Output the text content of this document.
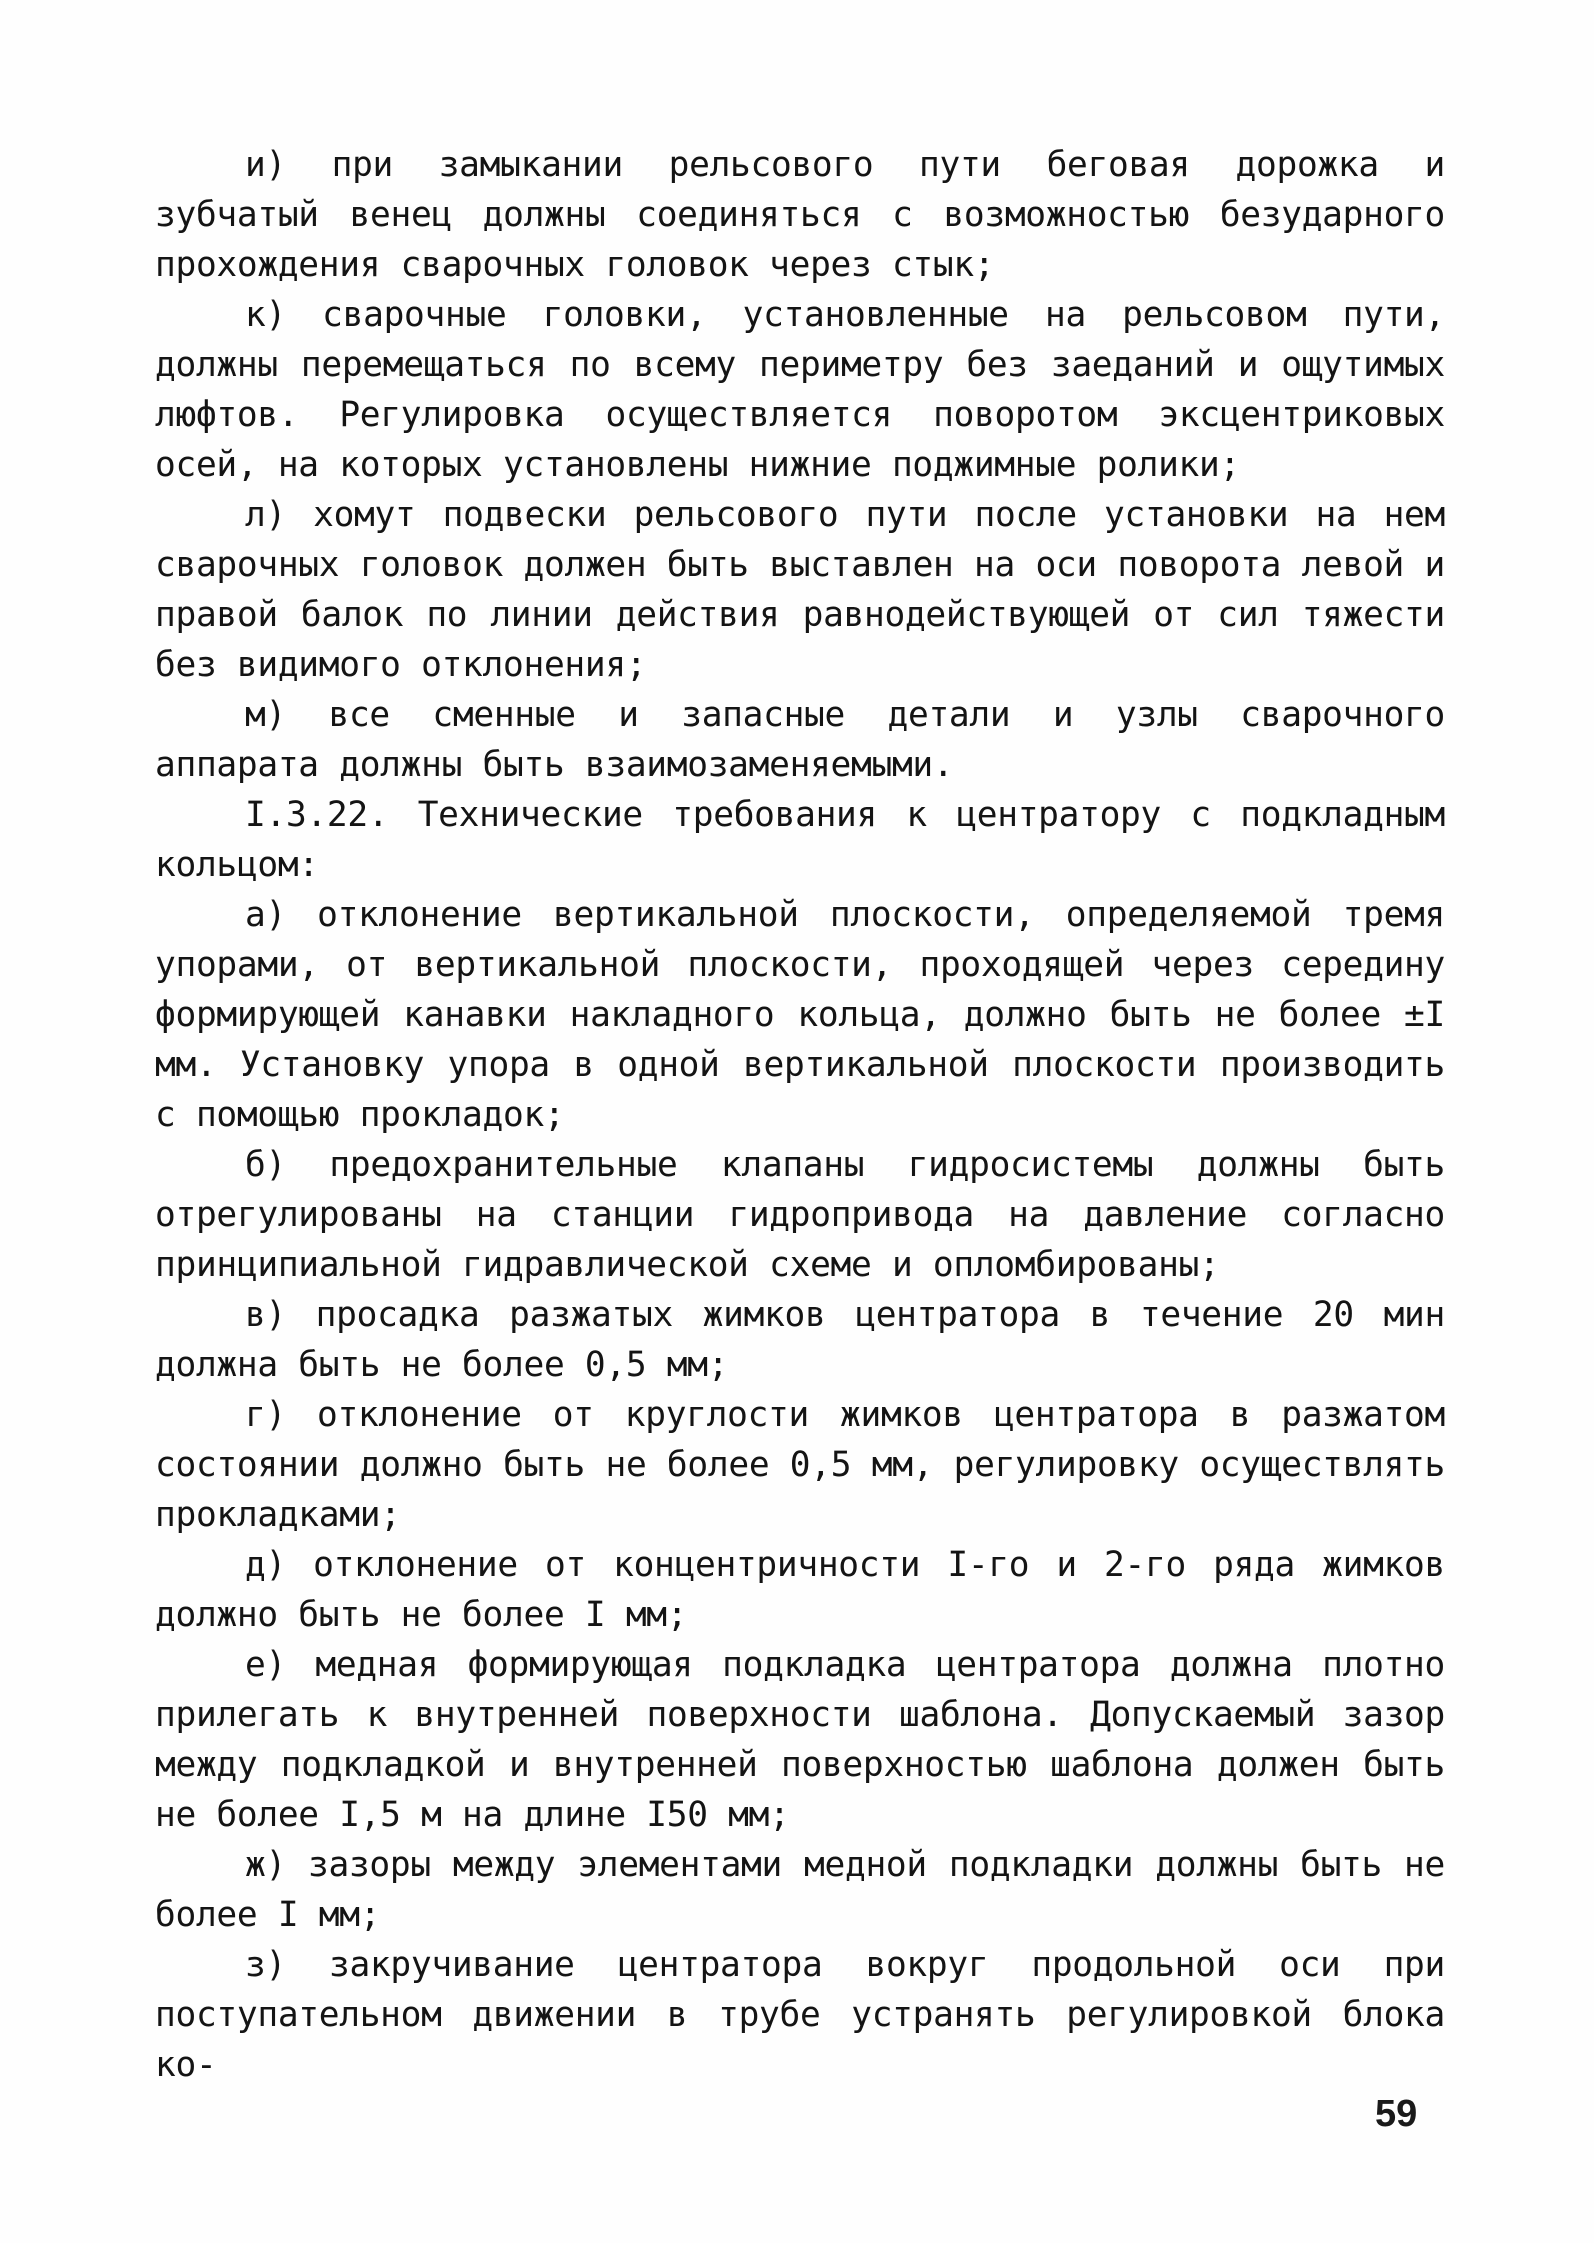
и) при замыкании рельсового пути беговая дорожка и зубчатый венец должны соединяться с возможностью безударного прохождения сварочных головок через стык;

к) сварочные головки, установленные на рельсовом пути, должны перемещаться по всему периметру без заеданий и ощутимых люфтов. Регулировка осуществляется поворотом эксцентриковых осей, на которых установлены нижние поджимные ролики;

л) хомут подвески рельсового пути после установки на нем сварочных головок должен быть выставлен на оси поворота левой и правой балок по линии действия равнодействующей от сил тяжести без видимого отклонения;

м) все сменные и запасные детали и узлы сварочного аппарата должны быть взаимозаменяемыми.

I.3.22. Технические требования к центратору с подкладным кольцом:

а) отклонение вертикальной плоскости, определяемой тремя упорами, от вертикальной плоскости, проходящей через середину формирующей канавки накладного кольца, должно быть не более ±I мм. Установку упора в одной вертикальной плоскости производить с помощью прокладок;

б) предохранительные клапаны гидросистемы должны быть отрегулированы на станции гидропривода на давление согласно принципиальной гидравлической схеме и опломбированы;

в) просадка разжатых жимков центратора в течение 20 мин должна быть не более 0,5 мм;

г) отклонение от круглости жимков центратора в разжатом состоянии должно быть не более 0,5 мм, регулировку осуществлять прокладками;

д) отклонение от концентричности I-го и 2-го ряда жимков должно быть не более I мм;

е) медная формирующая подкладка центратора должна плотно прилегать к внутренней поверхности шаблона. Допускаемый зазор между подкладкой и внутренней поверхностью шаблона должен быть не более I,5 м на длине I50 мм;

ж) зазоры между элементами медной подкладки должны быть не более I мм;

з) закручивание центратора вокруг продольной оси при поступательном движении в трубе устранять регулировкой блока ко-

59
